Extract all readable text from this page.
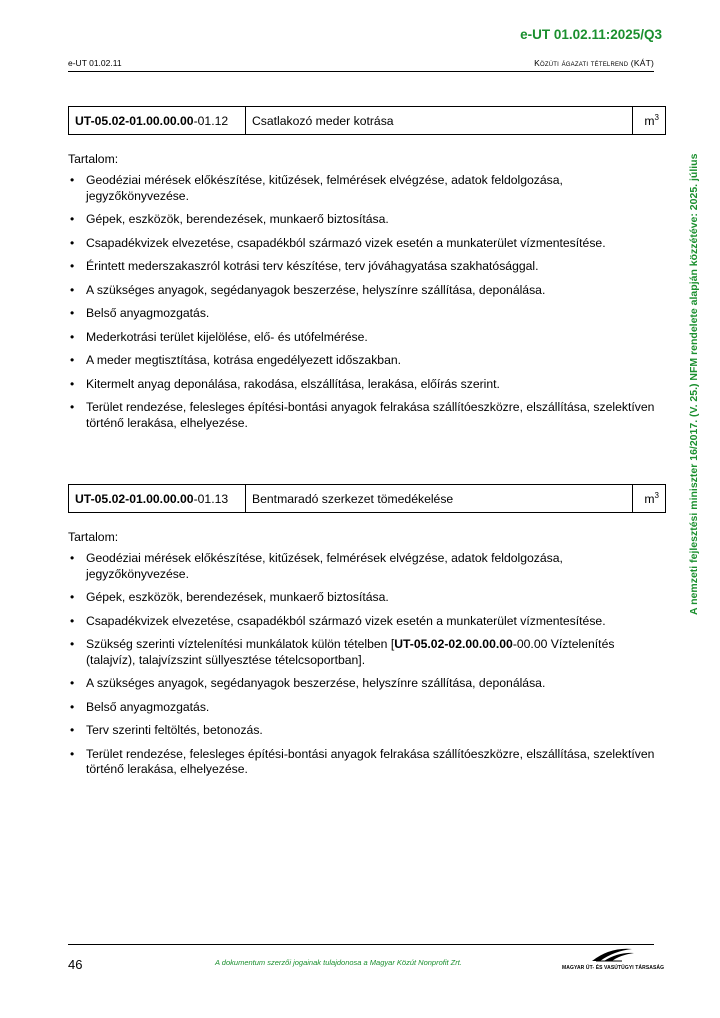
e-UT 01.02.11:2025/Q3
e-UT 01.02.11	Közúti ágazati tételrend (KÁT)
A nemzeti fejlesztési miniszter 16/2017. (V. 25.) NFM rendelete alapján közzétéve: 2025. július
UT-05.02-01.00.00.00-01.12	Csatlakozó meder kotrása	$m^3$
Tartalom:
• Geodéziai mérések előkészítése, kitűzések, felmérések elvégzése, adatok feldolgozása, jegyzőkönyvezése.
• Gépek, eszközök, berendezések, munkaerő biztosítása.
• Csapadékvizek elvezetése, csapadékból származó vizek esetén a munkaterület vízmentesítése.
• Érintett mederszakaszról kotrási terv készítése, terv jóváhagyatása szakhatósággal.
• A szükséges anyagok, segédanyagok beszerzése, helyszínre szállítása, deponálása.
• Belső anyagmozgatás.
• Mederkotrási terület kijelölése, elő- és utófelmérése.
• A meder megtisztítása, kotrása engedélyezett időszakban.
• Kitermelt anyag deponálása, rakodása, elszállítása, lerakása, előírás szerint.
• Terület rendezése, felesleges építési-bontási anyagok felrakása szállítóeszközre, elszállítása, szelektíven történő lerakása, elhelyezése.
UT-05.02-01.00.00.00-01.13	Bentmaradó szerkezet tömedékelése	$m^3$
Tartalom:
• Geodéziai mérések előkészítése, kitűzések, felmérések elvégzése, adatok feldolgozása, jegyzőkönyvezése.
• Gépek, eszközök, berendezések, munkaerő biztosítása.
• Csapadékvizek elvezetése, csapadékból származó vizek esetén a munkaterület vízmentesítése.
• Szükség szerinti víztelenítési munkálatok külön tételben [UT-05.02-02.00.00.00-00.00 Víztelenítés (talajvíz), talajvízszint süllyesztése tételcsoportban].
• A szükséges anyagok, segédanyagok beszerzése, helyszínre szállítása, deponálása.
• Belső anyagmozgatás.
• Terv szerinti feltöltés, betonozás.
• Terület rendezése, felesleges építési-bontási anyagok felrakása szállítóeszközre, elszállítása, szelektíven történő lerakása, elhelyezése.
46	A dokumentum szerzői jogainak tulajdonosa a Magyar Közút Nonprofit Zrt.
MAGYAR ÚT- ÉS VASÚTÜGYI TÁRSASÁG
